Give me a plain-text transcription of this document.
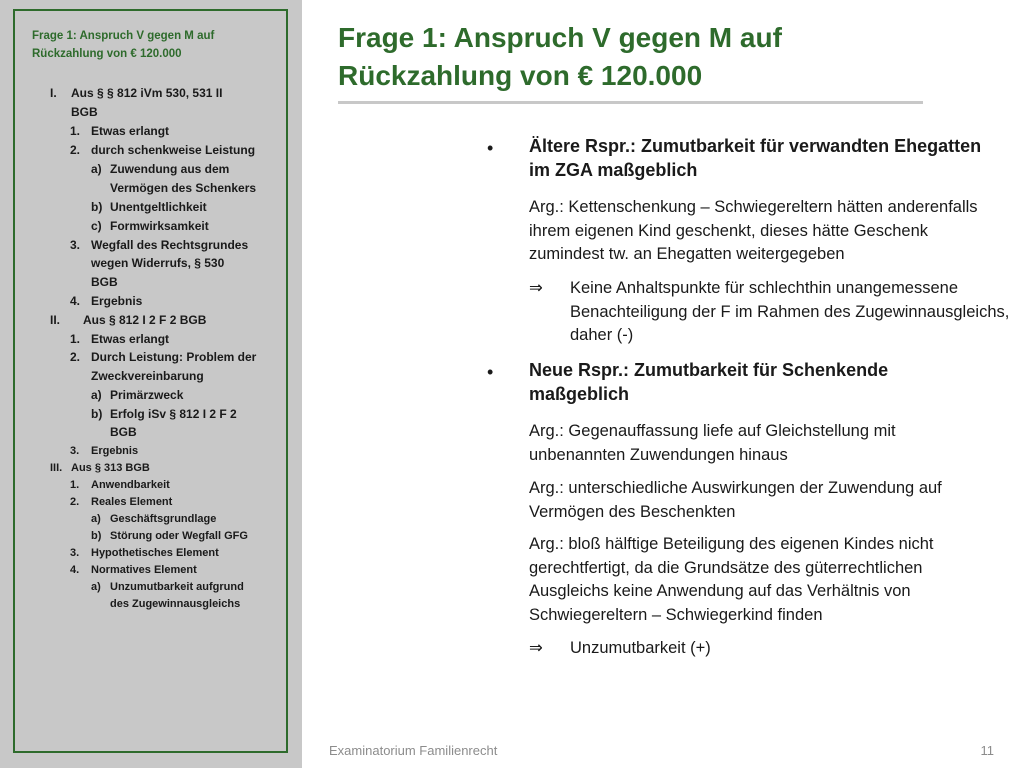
Frage 1: Anspruch V gegen M auf Rückzahlung von € 120.000
I. Aus § § 812 iVm 530, 531 II
BGB
1. Etwas erlangt
2. durch schenkweise Leistung
a) Zuwendung aus dem
Vermögen des Schenkers
b) Unentgeltlichkeit
c) Formwirksamkeit
3. Wegfall des Rechtsgrundes
wegen Widerrufs, § 530
BGB
4. Ergebnis
II. Aus § 812 I 2 F 2 BGB
1. Etwas erlangt
2. Durch Leistung: Problem der
Zweckvereinbarung
a) Primärzweck
b) Erfolg iSv § 812 I 2 F 2
BGB
3. Ergebnis
III. Aus § 313 BGB
1. Anwendbarkeit
2. Reales Element
a) Geschäftsgrundlage
b) Störung oder Wegfall GFG
3. Hypothetisches Element
4. Normatives Element
a) Unzumutbarkeit aufgrund
des Zugewinnausgleichs
Frage 1: Anspruch V gegen M auf
Rückzahlung von € 120.000
• Ältere Rspr.: Zumutbarkeit für verwandten Ehegatten im ZGA maßgeblich
Arg.: Kettenschenkung – Schwiegereltern hätten anderenfalls ihrem eigenen Kind geschenkt, dieses hätte Geschenk zumindest tw. an Ehegatten weitergegeben
⇒ Keine Anhaltspunkte für schlechthin unangemessene Benachteiligung der F im Rahmen des Zugewinnausgleichs, daher (-)
• Neue Rspr.: Zumutbarkeit für Schenkende maßgeblich
Arg.: Gegenauffassung liefe auf Gleichstellung mit unbenannten Zuwendungen hinaus
Arg.: unterschiedliche Auswirkungen der Zuwendung auf Vermögen des Beschenkten
Arg.: bloß hälftige Beteiligung des eigenen Kindes nicht gerechtfertigt, da die Grundsätze des güterrechtlichen Ausgleichs keine Anwendung auf das Verhältnis von Schwiegereltern – Schwiegerkind finden
⇒ Unzumutbarkeit (+)
Examinatorium Familienrecht	11
